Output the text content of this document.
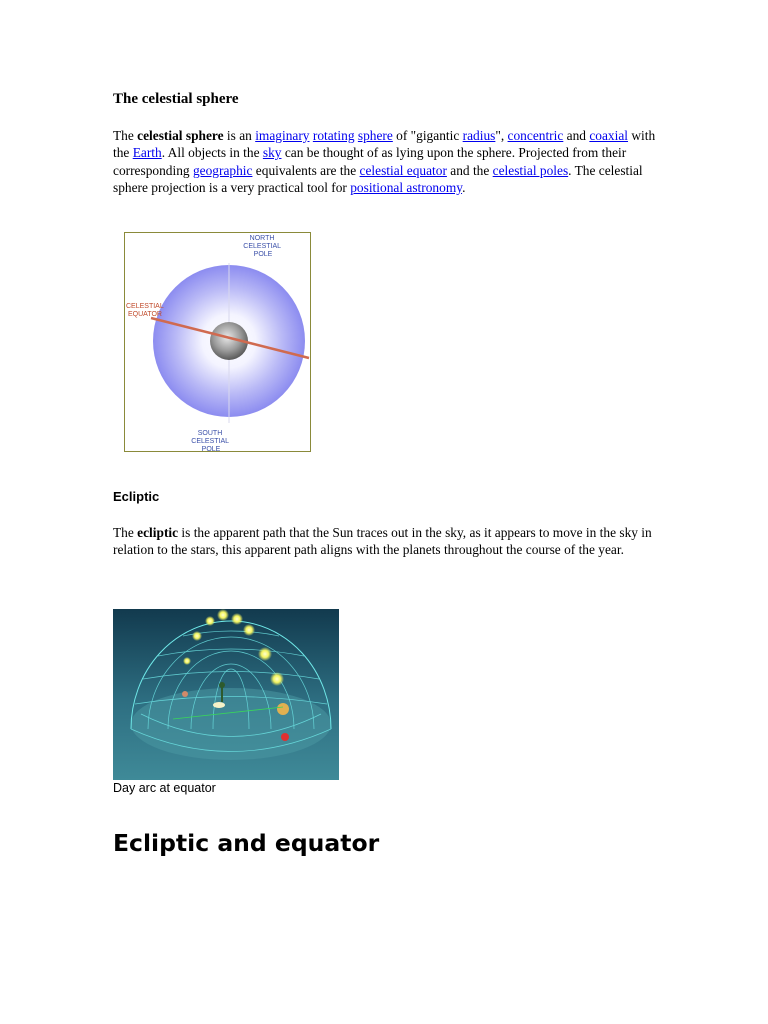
The celestial sphere

The celestial sphere is an imaginary rotating sphere of "gigantic radius", concentric and coaxial with the Earth. All objects in the sky can be thought of as lying upon the sphere. Projected from their corresponding geographic equivalents are the celestial equator and the celestial poles. The celestial sphere projection is a very practical tool for positional astronomy.

NORTH CELESTIAL POLE
CELESTIAL EQUATOR
SOUTH CELESTIAL POLE
Ecliptic

The ecliptic is the apparent path that the Sun traces out in the sky, as it appears to move in the sky in relation to the stars, this apparent path aligns with the planets throughout the course of the year.

Day arc at equator

Ecliptic and equator
